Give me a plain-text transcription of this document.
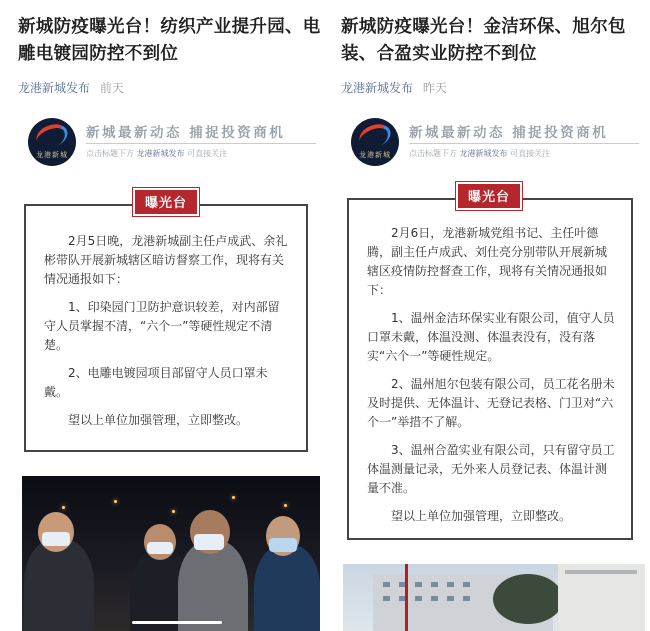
新城防疫曝光台！纺织产业提升园、电雕电镀园防控不到位
龙港新城发布 前天
龙港新城
新城最新动态 捕捉投资商机
点击标题下方 龙港新城发布 可直接关注

2月5日晚，龙港新城副主任卢成武、余礼彬带队开展新城辖区暗访督察工作，现将有关情况通报如下：

1、印染园门卫防护意识较差，对内部留守人员掌握不清，“六个一”等硬性规定不清楚。

2、电雕电镀园项目部留守人员口罩未戴。

望以上单位加强管理，立即整改。

曝光台
新城防疫曝光台！金洁环保、旭尔包装、合盈实业防控不到位
龙港新城发布 昨天
龙港新城
新城最新动态 捕捉投资商机
点击标题下方 龙港新城发布 可直接关注

2月6日，龙港新城党组书记、主任叶德腾，副主任卢成武、刘仕亮分别带队开展新城辖区疫情防控督查工作，现将有关情况通报如下：

1、温州金洁环保实业有限公司，值守人员口罩未戴，体温没测、体温表没有，没有落实“六个一”等硬性规定。

2、温州旭尔包装有限公司，员工花名册未及时提供、无体温计、无登记表格、门卫对“六个一”举措不了解。

3、温州合盈实业有限公司，只有留守员工体温测量记录，无外来人员登记表、体温计测量不准。

望以上单位加强管理，立即整改。

曝光台
